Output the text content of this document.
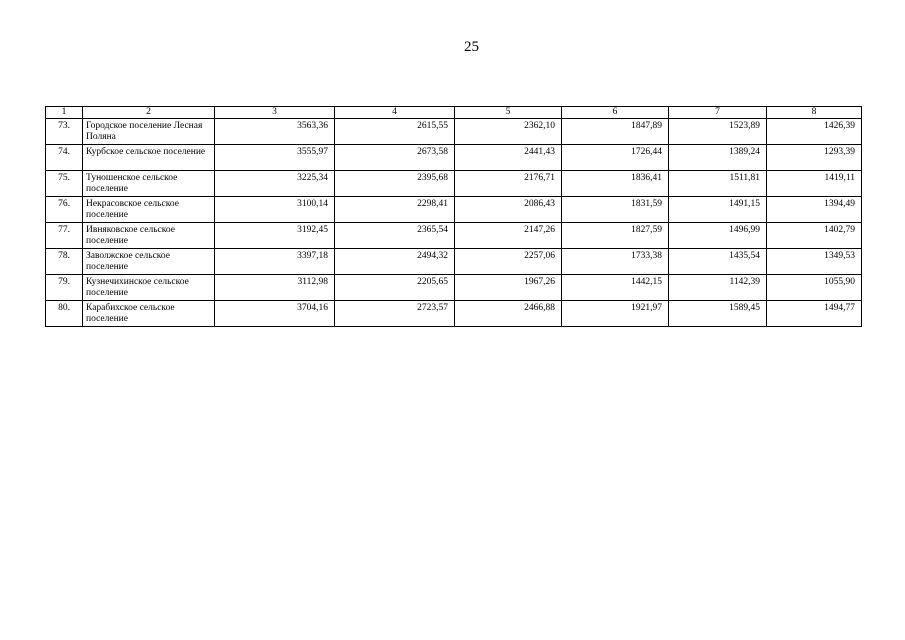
25
1	2	3	4	5	6	7	8
73.	Городское поселение Лесная Поляна	3563,36	2615,55	2362,10	1847,89	1523,89	1426,39
74.	Курбское сельское поселение	3555,97	2673,58	2441,43	1726,44	1389,24	1293,39
75.	Туношенское сельское поселение	3225,34	2395,68	2176,71	1836,41	1511,81	1419,11
76.	Некрасовское сельское поселение	3100,14	2298,41	2086,43	1831,59	1491,15	1394,49
77.	Ивняковское сельское поселение	3192,45	2365,54	2147,26	1827,59	1496,99	1402,79
78.	Заволжское сельское поселение	3397,18	2494,32	2257,06	1733,38	1435,54	1349,53
79.	Кузнечихинское сельское поселение	3112,98	2205,65	1967,26	1442,15	1142,39	1055,90
80.	Карабихское сельское поселение	3704,16	2723,57	2466,88	1921,97	1589,45	1494,77
